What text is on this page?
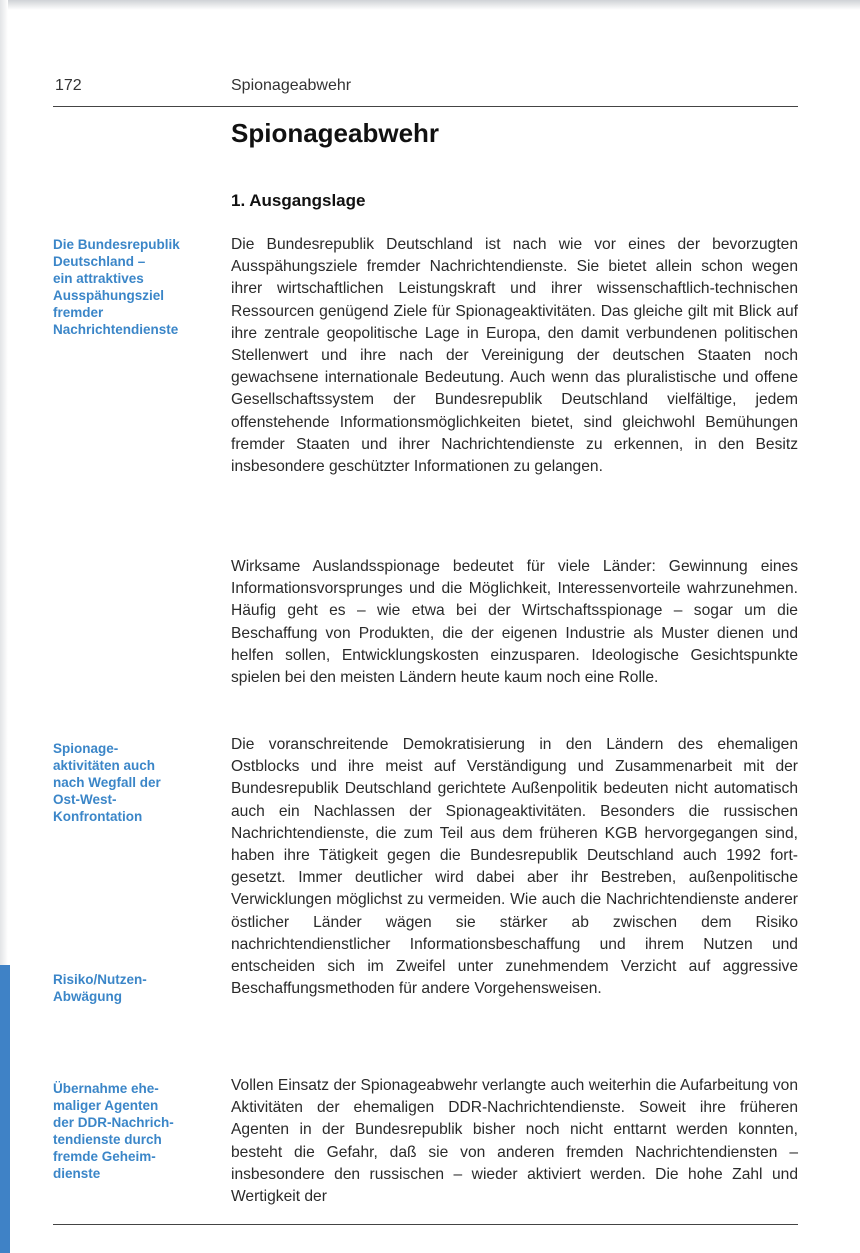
172	Spionageabwehr
Spionageabwehr
1. Ausgangslage
Die Bundesrepublik
Deutschland –
ein attraktives
Ausspähungsziel
fremder
Nachrichtendienste
Spionage-
aktivitäten auch
nach Wegfall der
Ost-West-
Konfrontation
Risiko/Nutzen-
Abwägung
Übernahme ehe-
maliger Agenten
der DDR-Nachrich-
tendienste durch
fremde Geheim-
dienste

Die Bundesrepublik Deutschland ist nach wie vor eines der bevorzugten Ausspähungsziele fremder Nachrichtendienste. Sie bietet allein schon wegen ihrer wirtschaftlichen Leistungskraft und ihrer wissenschaftlich-technischen Ressourcen genügend Ziele für Spionageaktivitäten. Das gleiche gilt mit Blick auf ihre zentrale geopolitische Lage in Europa, den damit verbundenen politischen Stellenwert und ihre nach der Vereinigung der deutschen Staaten noch gewachsene internationale Bedeutung. Auch wenn das pluralistische und offene Gesellschaftssystem der Bundesrepublik Deutschland vielfältige, jedem offenstehende Informationsmöglichkeiten bietet, sind gleichwohl Bemühungen fremder Staaten und ihrer Nachrichtendienste zu erkennen, in den Besitz insbesondere geschützter Informationen zu gelangen.

Wirksame Auslandsspionage bedeutet für viele Länder: Gewinnung eines Informationsvorsprunges und die Möglichkeit, Interessenvorteile wahrzunehmen. Häufig geht es – wie etwa bei der Wirtschaftsspionage – sogar um die Beschaffung von Produkten, die der eigenen Industrie als Muster dienen und helfen sollen, Entwicklungskosten einzusparen. Ideologische Gesichtspunkte spielen bei den meisten Ländern heute kaum noch eine Rolle.

Die voranschreitende Demokratisierung in den Ländern des ehemaligen Ostblocks und ihre meist auf Verständigung und Zusammenarbeit mit der Bundesrepublik Deutschland gerichtete Außenpolitik bedeuten nicht automatisch auch ein Nachlassen der Spionageaktivitäten. Besonders die russischen Nachrichtendienste, die zum Teil aus dem früheren KGB hervorgegangen sind, haben ihre Tätigkeit gegen die Bundesrepublik Deutschland auch 1992 fortgesetzt. Immer deutlicher wird dabei aber ihr Bestreben, außenpolitische Verwicklungen möglichst zu vermeiden. Wie auch die Nachrichtendienste anderer östlicher Länder wägen sie stärker ab zwischen dem Risiko nachrichtendienstlicher Informationsbeschaffung und ihrem Nutzen und entscheiden sich im Zweifel unter zunehmendem Verzicht auf aggressive Beschaffungsmethoden für andere Vorgehensweisen.

Vollen Einsatz der Spionageabwehr verlangte auch weiterhin die Aufarbeitung von Aktivitäten der ehemaligen DDR-Nachrichtendienste. Soweit ihre früheren Agenten in der Bundesrepublik bisher noch nicht enttarnt werden konnten, besteht die Gefahr, daß sie von anderen fremden Nachrichtendiensten – insbesondere den russischen – wieder aktiviert werden. Die hohe Zahl und Wertigkeit der
